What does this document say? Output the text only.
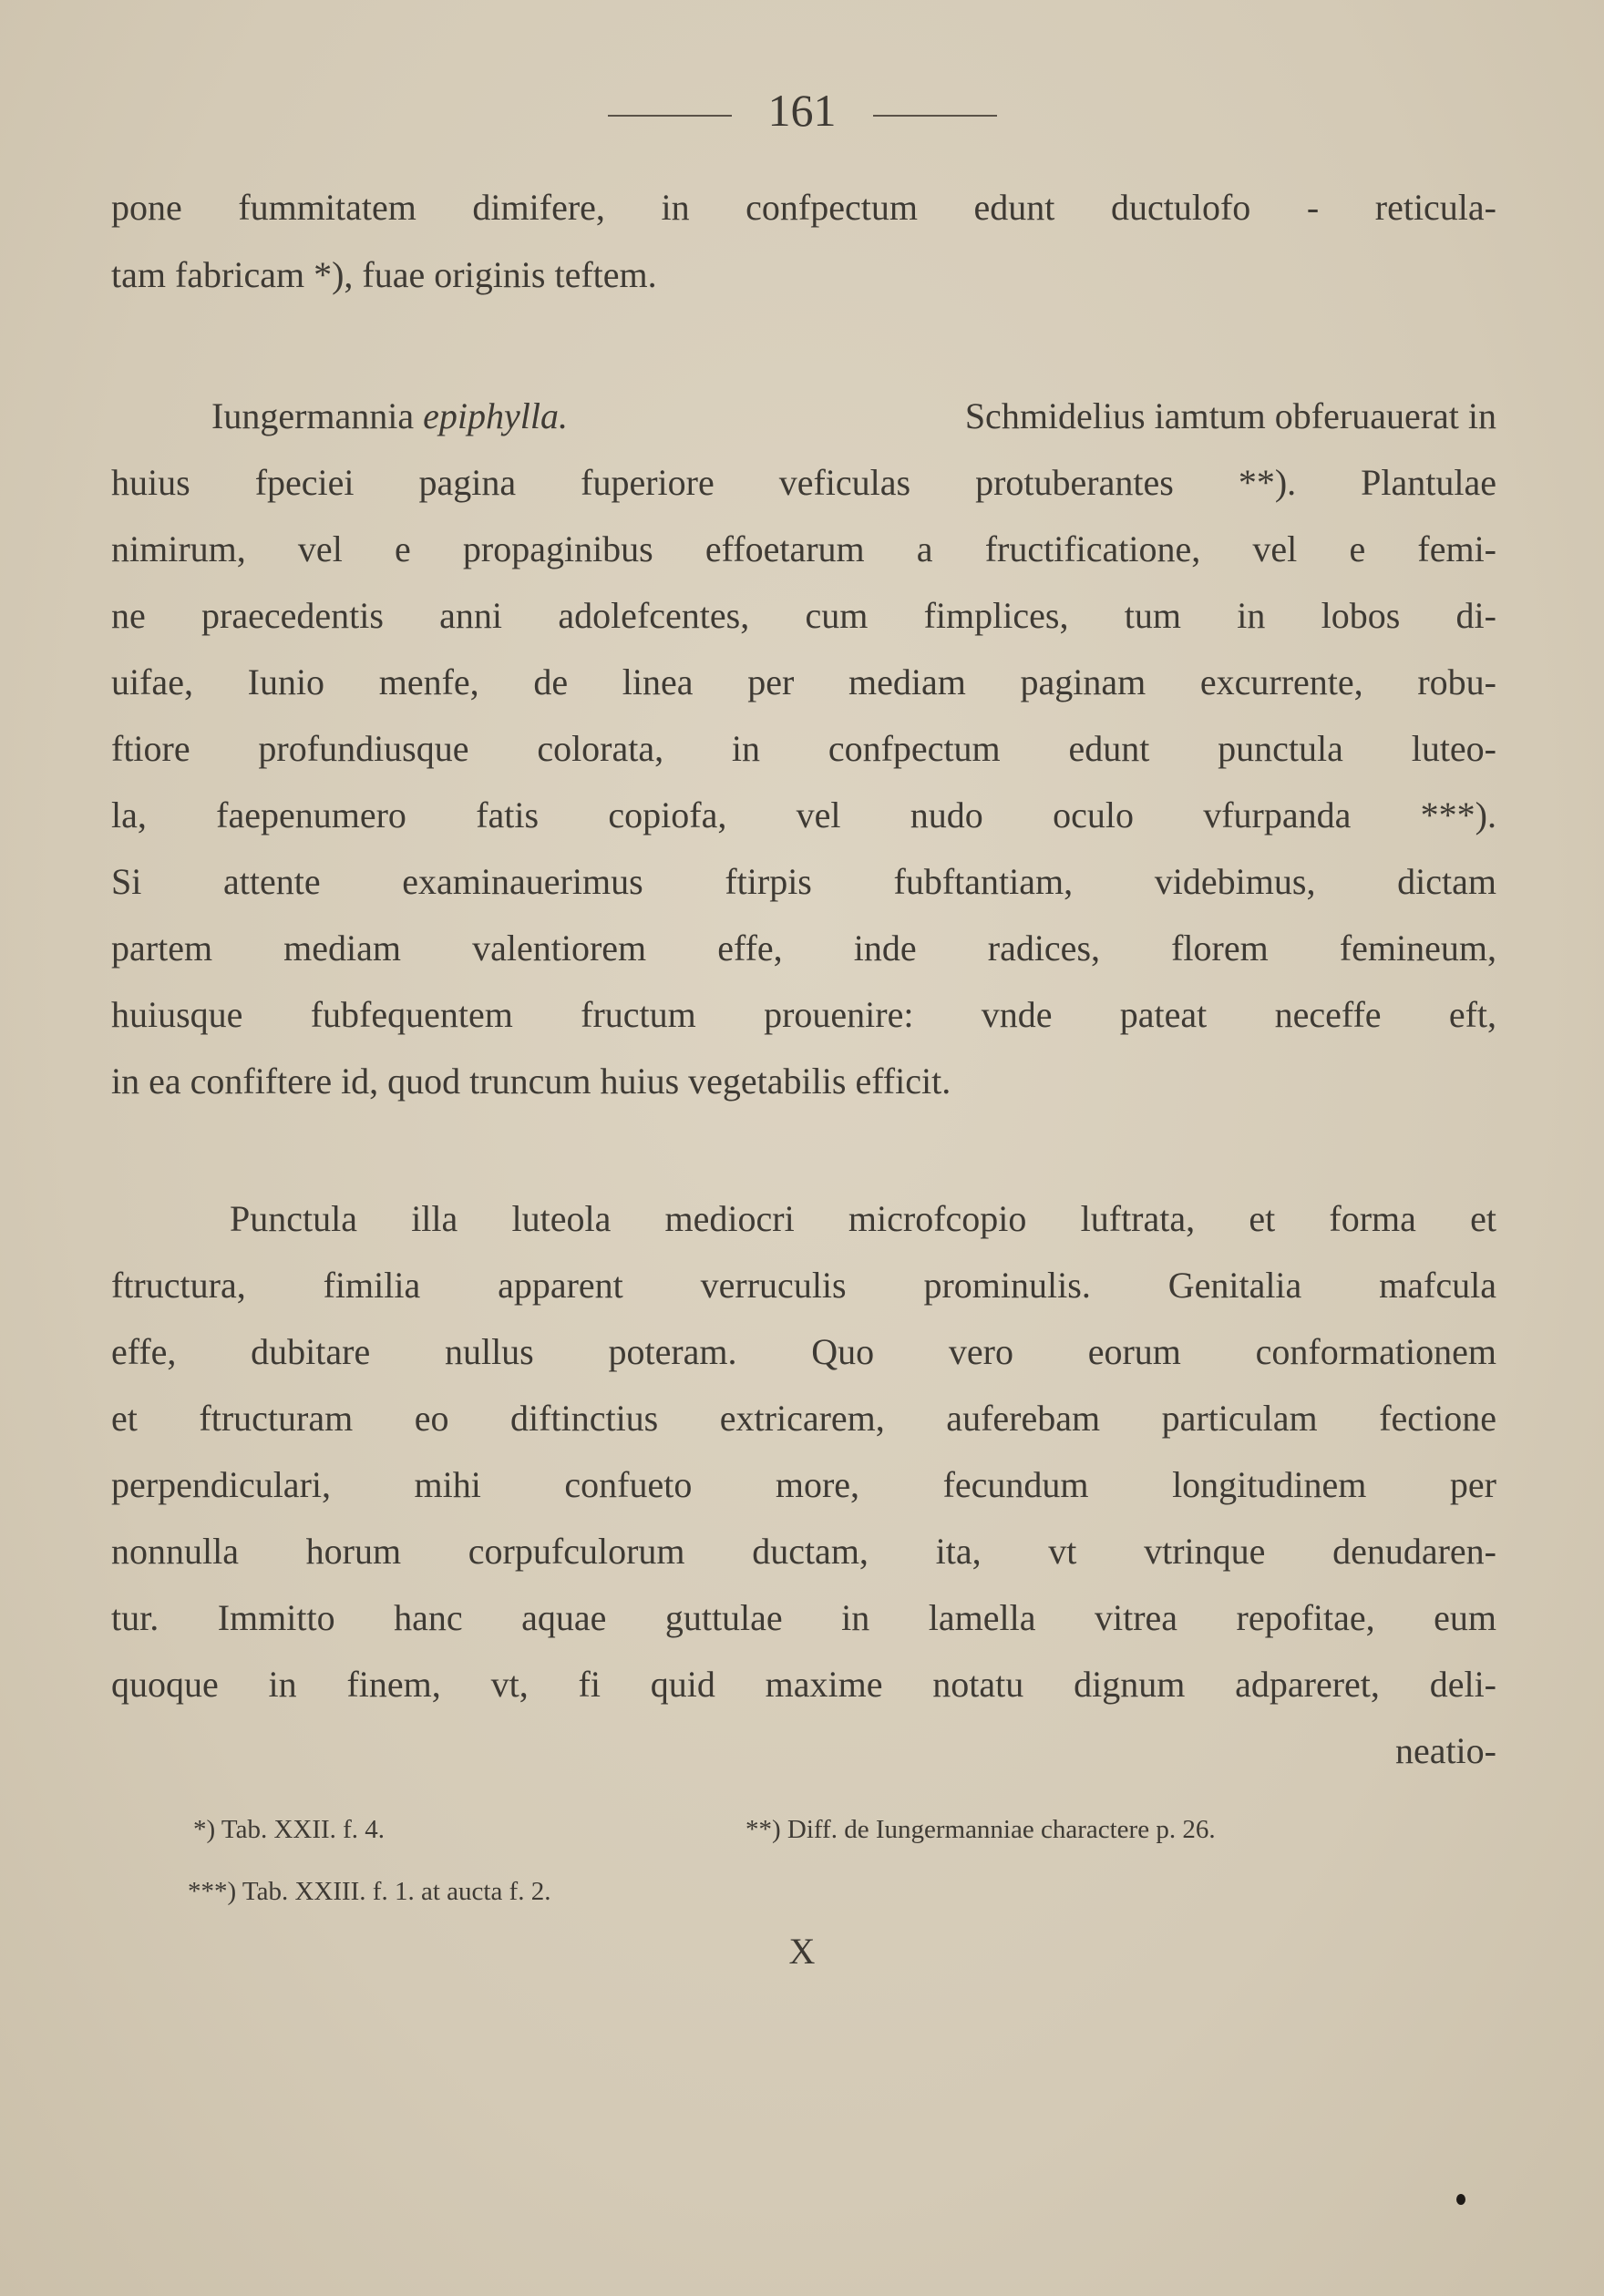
161
pone fummitatem dimifere, in confpectum edunt ductulofo - reticula-
tam fabricam *), fuae originis teftem.
Iungermannia epiphylla.	Schmidelius iamtum obferuauerat in
huius fpeciei pagina fuperiore veficulas protuberantes **). Plantulae
nimirum, vel e propaginibus effoetarum a fructificatione, vel e femi-
ne praecedentis anni adolefcentes, cum fimplices, tum in lobos di-
uifae, Iunio menfe, de linea per mediam paginam excurrente, robu-
ftiore profundiusque colorata, in confpectum edunt punctula luteo-
la, faepenumero fatis copiofa, vel nudo oculo vfurpanda ***).
Si attente examinauerimus ftirpis fubftantiam, videbimus, dictam
partem mediam valentiorem effe, inde radices, florem femineum,
huiusque fubfequentem fructum prouenire: vnde pateat neceffe eft,
in ea confiftere id, quod truncum huius vegetabilis efficit.
Punctula illa luteola mediocri microfcopio luftrata, et forma et
ftructura, fimilia apparent verruculis prominulis. Genitalia mafcula
effe, dubitare nullus poteram. Quo vero eorum conformationem
et ftructuram eo diftinctius extricarem, auferebam particulam fectione
perpendiculari, mihi confueto more, fecundum longitudinem per
nonnulla horum corpufculorum ductam, ita, vt vtrinque denudaren-
tur. Immitto hanc aquae guttulae in lamella vitrea repofitae, eum
quoque in finem, vt, fi quid maxime notatu dignum adpareret, deli-
neatio-
*) Tab. XXII. f. 4.	**) Diff. de Iungermanniae charactere p. 26.
***) Tab. XXIII. f. 1. at aucta f. 2.
X
